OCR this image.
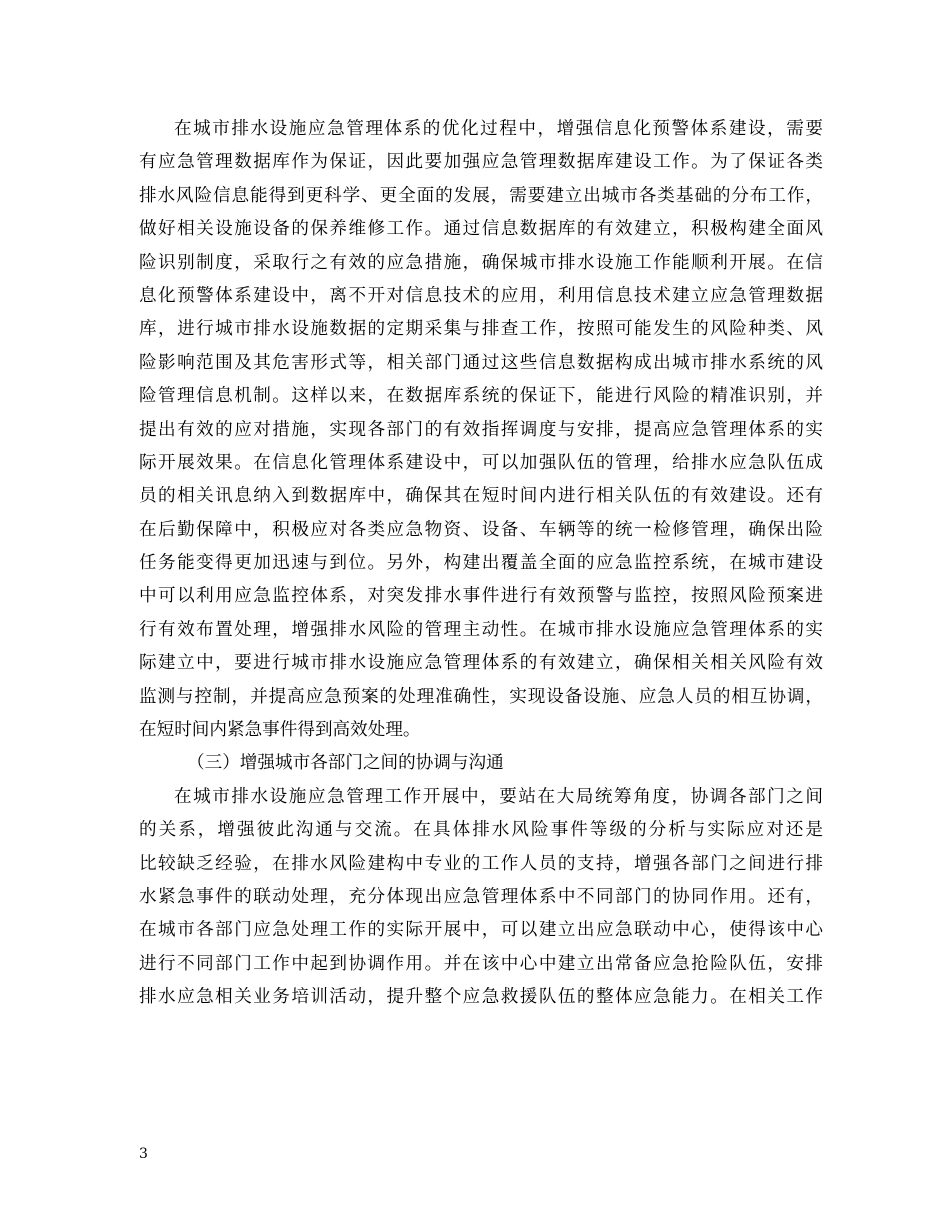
在城市排水设施应急管理体系的优化过程中，增强信息化预警体系建设，需要
有应急管理数据库作为保证，因此要加强应急管理数据库建设工作。为了保证各类
排水风险信息能得到更科学、更全面的发展，需要建立出城市各类基础的分布工作，
做好相关设施设备的保养维修工作。通过信息数据库的有效建立，积极构建全面风
险识别制度，采取行之有效的应急措施，确保城市排水设施工作能顺利开展。在信
息化预警体系建设中，离不开对信息技术的应用，利用信息技术建立应急管理数据
库，进行城市排水设施数据的定期采集与排查工作，按照可能发生的风险种类、风
险影响范围及其危害形式等，相关部门通过这些信息数据构成出城市排水系统的风
险管理信息机制。这样以来，在数据库系统的保证下，能进行风险的精准识别，并
提出有效的应对措施，实现各部门的有效指挥调度与安排，提高应急管理体系的实
际开展效果。在信息化管理体系建设中，可以加强队伍的管理，给排水应急队伍成
员的相关讯息纳入到数据库中，确保其在短时间内进行相关队伍的有效建设。还有
在后勤保障中，积极应对各类应急物资、设备、车辆等的统一检修管理，确保出险
任务能变得更加迅速与到位。另外，构建出覆盖全面的应急监控系统，在城市建设
中可以利用应急监控体系，对突发排水事件进行有效预警与监控，按照风险预案进
行有效布置处理，增强排水风险的管理主动性。在城市排水设施应急管理体系的实
际建立中，要进行城市排水设施应急管理体系的有效建立，确保相关相关风险有效
监测与控制，并提高应急预案的处理准确性，实现设备设施、应急人员的相互协调，
在短时间内紧急事件得到高效处理。
（三）增强城市各部门之间的协调与沟通
在城市排水设施应急管理工作开展中，要站在大局统筹角度，协调各部门之间
的关系，增强彼此沟通与交流。在具体排水风险事件等级的分析与实际应对还是
比较缺乏经验，在排水风险建构中专业的工作人员的支持，增强各部门之间进行排
水紧急事件的联动处理，充分体现出应急管理体系中不同部门的协同作用。还有，
在城市各部门应急处理工作的实际开展中，可以建立出应急联动中心，使得该中心
进行不同部门工作中起到协调作用。并在该中心中建立出常备应急抢险队伍，安排
排水应急相关业务培训活动，提升整个应急救援队伍的整体应急能力。在相关工作
3
